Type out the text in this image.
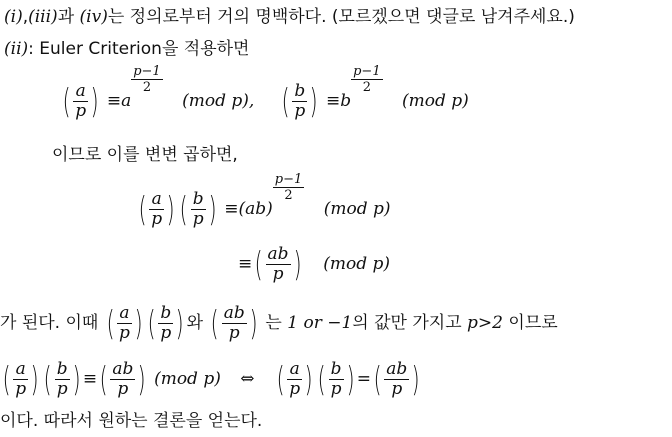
(i),(iii)과 (iv)는 정의로부터 거의 명백하다. (모르겠으면 댓글로 남겨주세요.)
(ii): Euler Criterion을 적용하면
( $\frac{a}{p}$ ) ≡a
$\frac{p-1}{2}$
(mod p), ( $\frac{b}{p}$ ) ≡b
$\frac{p-1}{2}$
(mod p)
이므로 이를 변변 곱하면,
( $\frac{a}{p}$ ) ( $\frac{b}{p}$ ) ≡(ab)
$\frac{p-1}{2}$
(mod p)
≡( $\frac{ab}{p}$ ) (mod p)
가 된다. 이때 ( $\frac{a}{p}$ ) ( $\frac{b}{p}$ ) 와 ( $\frac{ab}{p}$ ) 는 1 or −1의 값만 가지고 p>2 이므로
( $\frac{a}{p}$ ) ( $\frac{b}{p}$ ) ≡( $\frac{ab}{p}$ ) (mod p) ⇔ ( $\frac{a}{p}$ ) ( $\frac{b}{p}$ ) =( $\frac{ab}{p}$ )
이다. 따라서 원하는 결론을 얻는다.
